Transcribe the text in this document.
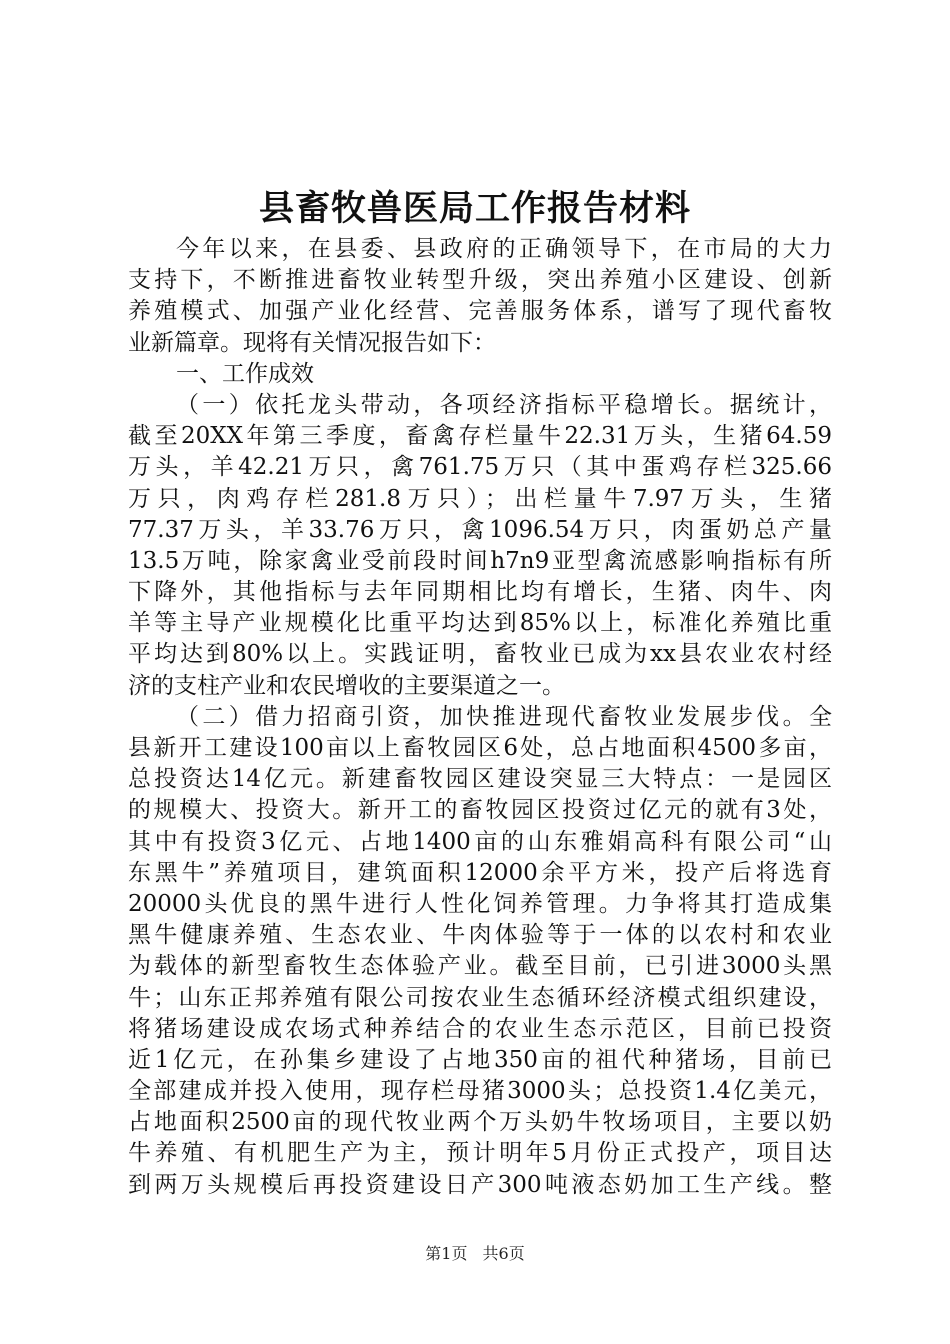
县畜牧兽医局工作报告材料
今年以来，在县委、县政府的正确领导下，在市局的大力
支持下，不断推进畜牧业转型升级，突出养殖小区建设、创新
养殖模式、加强产业化经营、完善服务体系，谱写了现代畜牧
业新篇章。现将有关情况报告如下：
一、工作成效
（一）依托龙头带动，各项经济指标平稳增长。据统计，
截至20XX年第三季度，畜禽存栏量牛22.31万头，生猪64.59
万头，羊42.21万只，禽761.75万只（其中蛋鸡存栏325.66
万只，肉鸡存栏281.8万只）；出栏量牛7.97万头，生猪
77.37万头，羊33.76万只，禽1096.54万只，肉蛋奶总产量
13.5万吨，除家禽业受前段时间h7n9亚型禽流感影响指标有所
下降外，其他指标与去年同期相比均有增长，生猪、肉牛、肉
羊等主导产业规模化比重平均达到85%以上，标准化养殖比重
平均达到80%以上。实践证明，畜牧业已成为xx县农业农村经
济的支柱产业和农民增收的主要渠道之一。
（二）借力招商引资，加快推进现代畜牧业发展步伐。全
县新开工建设100亩以上畜牧园区6处，总占地面积4500多亩，
总投资达14亿元。新建畜牧园区建设突显三大特点：一是园区
的规模大、投资大。新开工的畜牧园区投资过亿元的就有3处，
其中有投资3亿元、占地1400亩的山东雅娟高科有限公司“山
东黑牛”养殖项目，建筑面积12000余平方米，投产后将选育
20000头优良的黑牛进行人性化饲养管理。力争将其打造成集
黑牛健康养殖、生态农业、牛肉体验等于一体的以农村和农业
为载体的新型畜牧生态体验产业。截至目前，已引进3000头黑
牛；山东正邦养殖有限公司按农业生态循环经济模式组织建设，
将猪场建设成农场式种养结合的农业生态示范区，目前已投资
近1亿元，在孙集乡建设了占地350亩的祖代种猪场，目前已
全部建成并投入使用，现存栏母猪3000头；总投资1.4亿美元，
占地面积2500亩的现代牧业两个万头奶牛牧场项目，主要以奶
牛养殖、有机肥生产为主，预计明年5月份正式投产，项目达
到两万头规模后再投资建设日产300吨液态奶加工生产线。整
第1页 共6页
